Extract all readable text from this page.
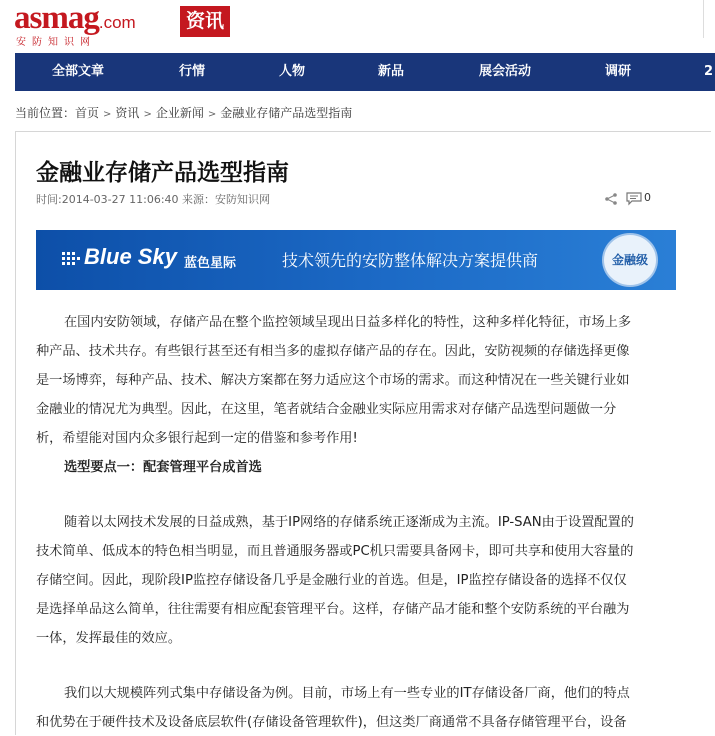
asmag.com
安防知识网
资讯
全部文章	行情	人物	新品	展会活动	调研	2
当前位置：首页 > 资讯 > 企业新闻 > 金融业存储产品选型指南
金融业存储产品选型指南
时间:2014-03-27 11:06:40 来源：安防知识网	0
Blue Sky 蓝色星际	技术领先的安防整体解决方案提供商	金融级
在国内安防领域，存储产品在整个监控领域呈现出日益多样化的特性，这种多样化特征，市场上多
种产品、技术共存。有些银行甚至还有相当多的虚拟存储产品的存在。因此，安防视频的存储选择更像
是一场博弈，每种产品、技术、解决方案都在努力适应这个市场的需求。而这种情况在一些关键行业如
金融业的情况尤为典型。因此，在这里，笔者就结合金融业实际应用需求对存储产品选型问题做一分
析，希望能对国内众多银行起到一定的借鉴和参考作用!
选型要点一：配套管理平台成首选
随着以太网技术发展的日益成熟，基于IP网络的存储系统正逐渐成为主流。IP-SAN由于设置配置的
技术简单、低成本的特色相当明显，而且普通服务器或PC机只需要具备网卡，即可共享和使用大容量的
存储空间。因此，现阶段IP监控存储设备几乎是金融行业的首选。但是，IP监控存储设备的选择不仅仅
是选择单品这么简单，往往需要有相应配套管理平台。这样，存储产品才能和整个安防系统的平台融为
一体，发挥最佳的效应。
我们以大规模阵列式集中存储设备为例。目前，市场上有一些专业的IT存储设备厂商，他们的特点
和优势在于硬件技术及设备底层软件(存储设备管理软件)，但这类厂商通常不具备存储管理平台，设备
